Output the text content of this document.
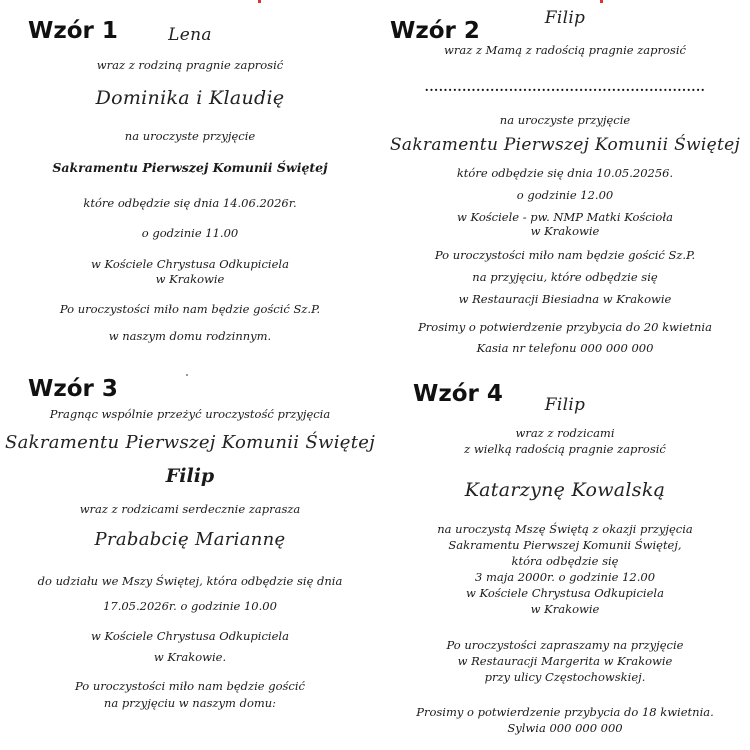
Wzór 1	Lena
wraz z rodziną pragnie zaprosić
Dominika i Klaudię
na uroczyste przyjęcie
Sakramentu Pierwszej Komunii Świętej
które odbędzie się dnia 14.06.2026r.
o godzinie 11.00
w Kościele Chrystusa Odkupiciela
w Krakowie
Po uroczystości miło nam będzie gościć Sz.P.
w naszym domu rodzinnym.
Wzór 2	Filip
wraz z Mamą z radością pragnie zaprosić
............................................................
na uroczyste przyjęcie
Sakramentu Pierwszej Komunii Świętej
które odbędzie się dnia 10.05.20256.
o godzinie 12.00
w Kościele - pw. NMP Matki Kościoła
w Krakowie
Po uroczystości miło nam będzie gościć Sz.P.
na przyjęciu, które odbędzie się
w Restauracji Biesiadna w Krakowie
Prosimy o potwierdzenie przybycia do 20 kwietnia
Kasia nr telefonu 000 000 000
Wzór 3
Pragnąc wspólnie przeżyć uroczystość przyjęcia
Sakramentu Pierwszej Komunii Świętej
Filip
wraz z rodzicami serdecznie zaprasza
Prababcię Mariannę
do udziału we Mszy Świętej, która odbędzie się dnia
17.05.2026r. o godzinie 10.00
w Kościele Chrystusa Odkupiciela
w Krakowie.
Po uroczystości miło nam będzie gościć
na przyjęciu w naszym domu:
Wzór 4	Filip
wraz z rodzicami
z wielką radością pragnie zaprosić
Katarzynę Kowalską
na uroczystą Mszę Świętą z okazji przyjęcia
Sakramentu Pierwszej Komunii Świętej,
która odbędzie się
3 maja 2000r. o godzinie 12.00
w Kościele Chrystusa Odkupiciela
w Krakowie
Po uroczystości zapraszamy na przyjęcie
w Restauracji Margerita w Krakowie
przy ulicy Częstochowskiej.
Prosimy o potwierdzenie przybycia do 18 kwietnia.
Sylwia 000 000 000
